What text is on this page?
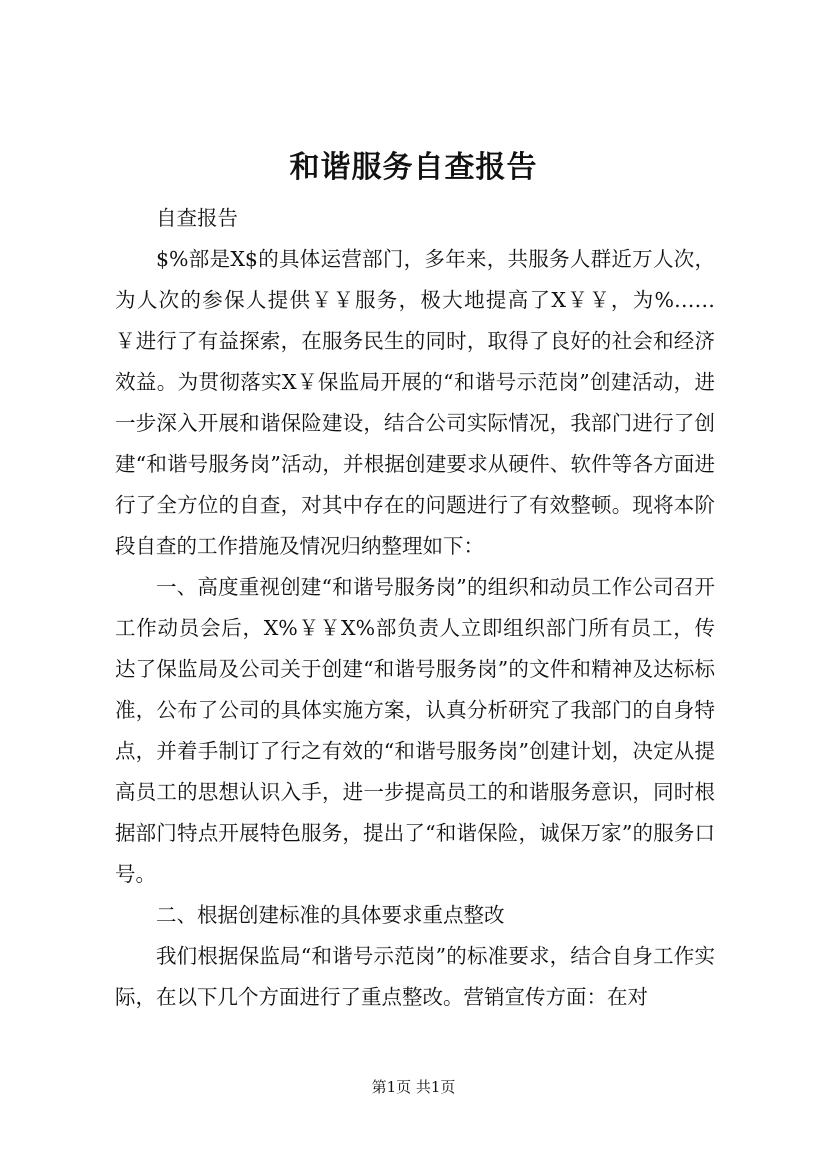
和谐服务自查报告

自查报告

$%部是X$的具体运营部门，多年来，共服务人群近万人次，为人次的参保人提供￥￥服务，极大地提高了X￥￥，为%……￥进行了有益探索，在服务民生的同时，取得了良好的社会和经济效益。为贯彻落实X￥保监局开展的“和谐号示范岗”创建活动，进一步深入开展和谐保险建设，结合公司实际情况，我部门进行了创建“和谐号服务岗”活动，并根据创建要求从硬件、软件等各方面进行了全方位的自查，对其中存在的问题进行了有效整顿。现将本阶段自查的工作措施及情况归纳整理如下：

一、高度重视创建“和谐号服务岗”的组织和动员工作公司召开工作动员会后，X%￥￥X%部负责人立即组织部门所有员工，传达了保监局及公司关于创建“和谐号服务岗”的文件和精神及达标标准，公布了公司的具体实施方案，认真分析研究了我部门的自身特点，并着手制订了行之有效的“和谐号服务岗”创建计划，决定从提高员工的思想认识入手，进一步提高员工的和谐服务意识，同时根据部门特点开展特色服务，提出了“和谐保险，诚保万家”的服务口号。

二、根据创建标准的具体要求重点整改

我们根据保监局“和谐号示范岗”的标准要求，结合自身工作实际，在以下几个方面进行了重点整改。营销宣传方面：在对

第1页 共1页
